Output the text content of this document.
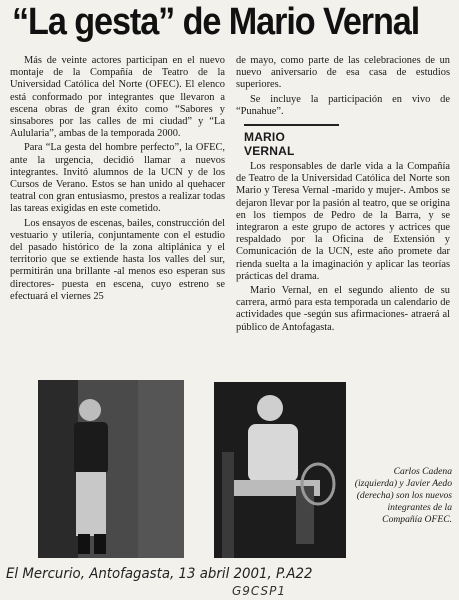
“La gesta” de Mario Vernal

Más de veinte actores participan en el nuevo montaje de la Compañía de Teatro de la Universidad Católica del Norte (OFEC). El elenco está conformado por integrantes que llevaron a escena obras de gran éxito como “Sabores y sinsabores por las calles de mi ciudad” y “La Aulularia”, ambas de la temporada 2000.

Para “La gesta del hombre perfecto”, la OFEC, ante la urgencia, decidió llamar a nuevos integrantes. Invitó alumnos de la UCN y de los Cursos de Verano. Estos se han unido al quehacer teatral con gran entusiasmo, prestos a realizar todas las tareas exigidas en este cometido.

Los ensayos de escenas, bailes, construcción del vestuario y utilería, conjuntamente con el estudio del pasado histórico de la zona altiplánica y el territorio que se extiende hasta los valles del sur, permitirán una brillante -al menos eso esperan sus directores- puesta en escena, cuyo estreno se efectuará el viernes 25

de mayo, como parte de las celebraciones de un nuevo aniversario de esa casa de estudios superiores.

Se incluye la participación en vivo de “Punahue”.

MARIO VERNAL

Los responsables de darle vida a la Compañía de Teatro de la Universidad Católica del Norte son Mario y Teresa Vernal -marido y mujer-. Ambos se dejaron llevar por la pasión al teatro, que se origina en los tiempos de Pedro de la Barra, y se integraron a este grupo de actores y actrices que respaldado por la Oficina de Extensión y Comunicación de la UCN, este año promete dar rienda suelta a la imaginación y aplicar las teorías prácticas del drama.

Mario Vernal, en el segundo aliento de su carrera, armó para esta temporada un calendario de actividades que -según sus afirmaciones- atraerá al público de Antofagasta.

Carlos Cadena (izquierda) y Javier Aedo (derecha) son los nuevos integrantes de la Compañía OFEC.
El Mercurio, Antofagasta, 13 abril 2001, P.A22
G9CSP1
